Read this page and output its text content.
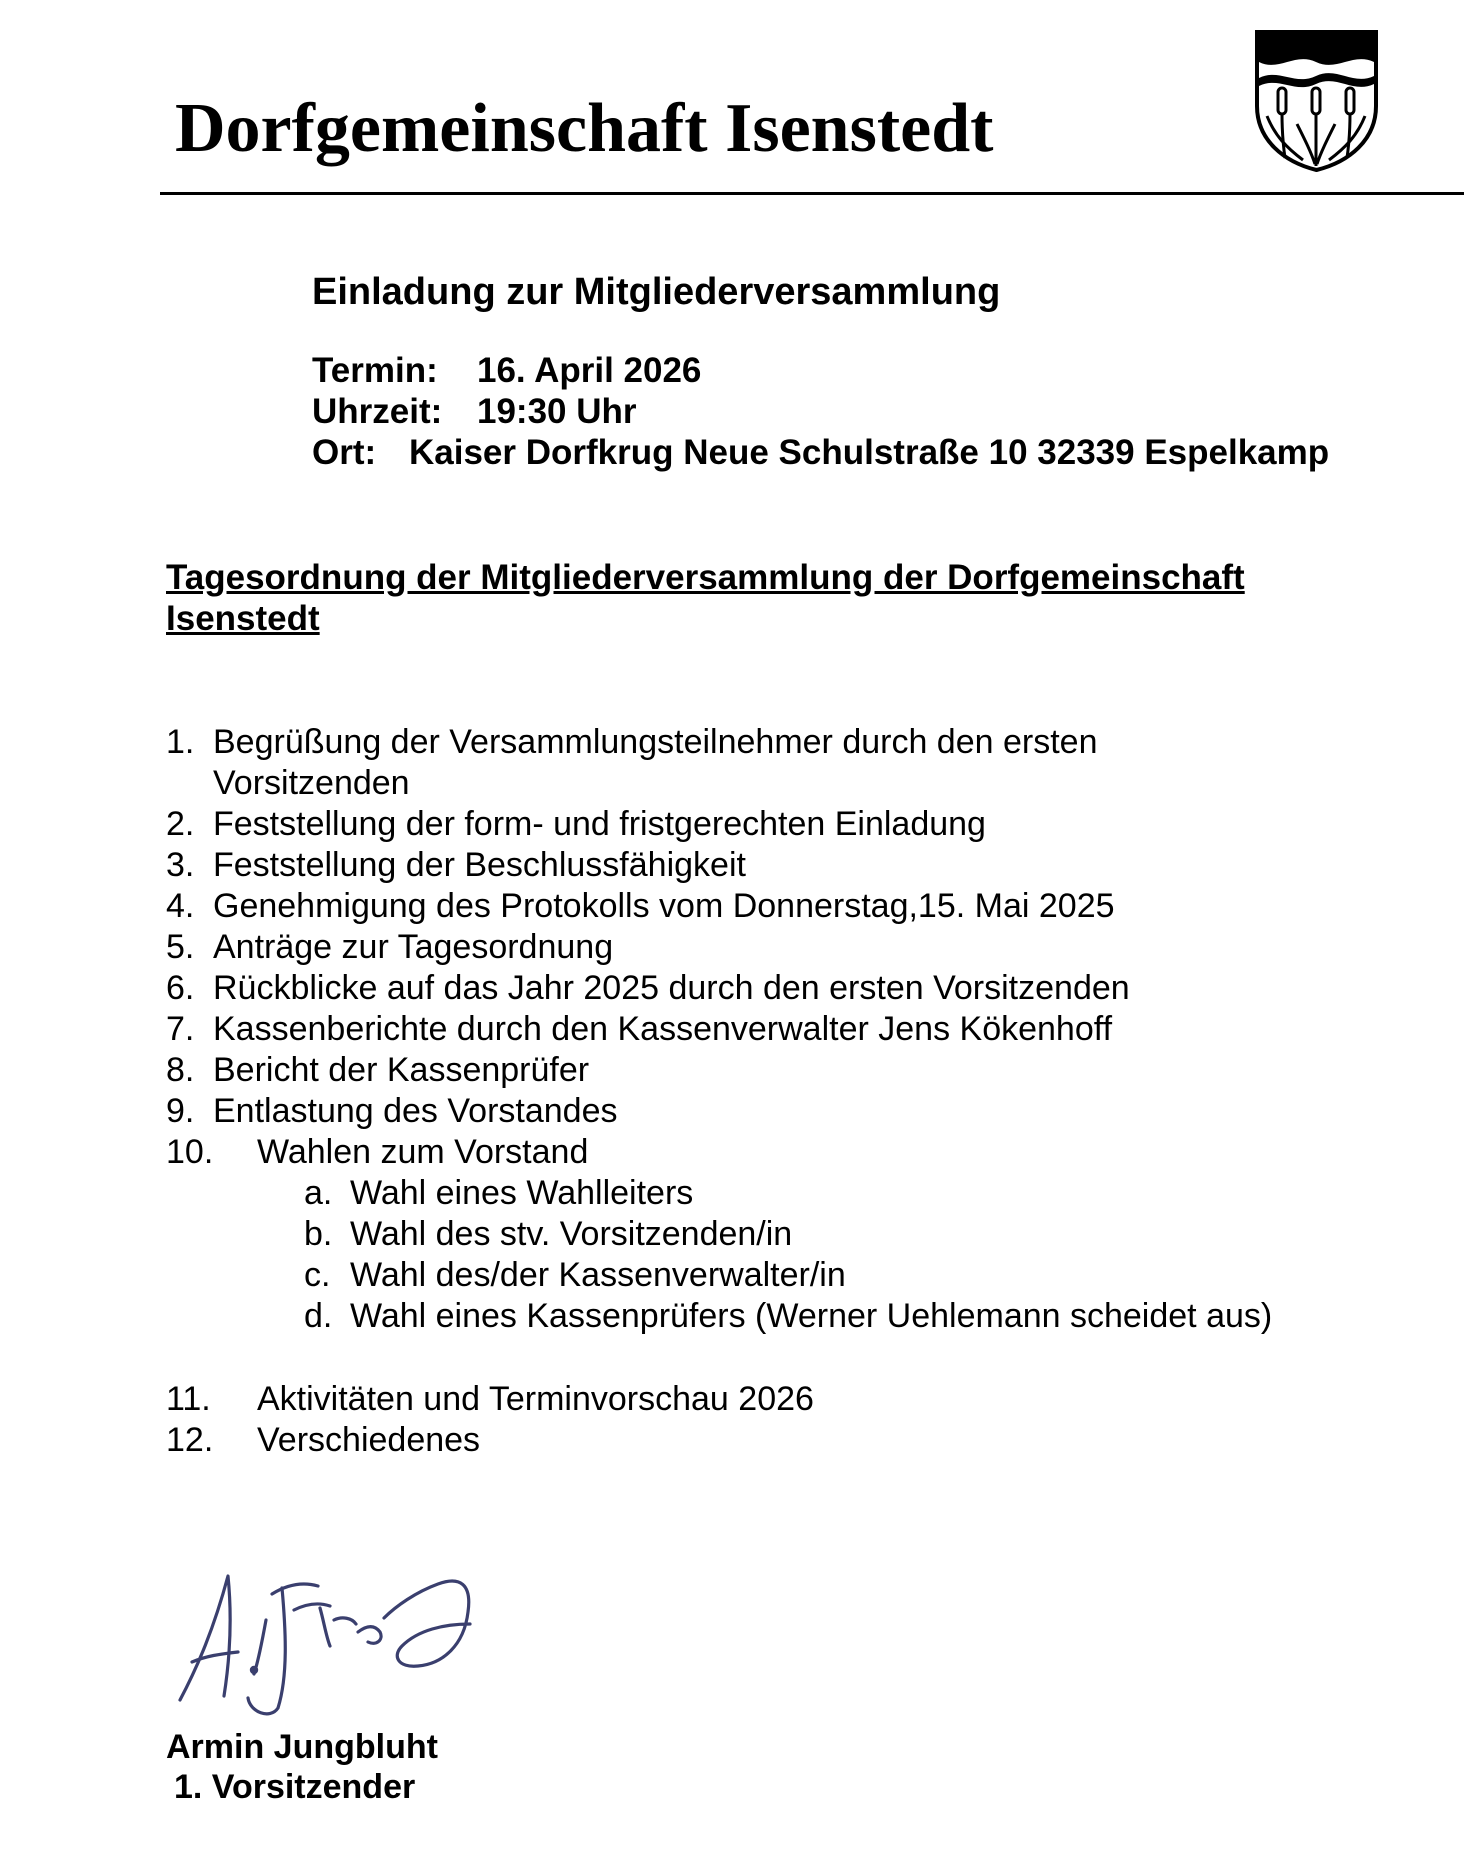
Dorfgemeinschaft Isenstedt
Einladung zur Mitgliederversammlung
Termin: 16. April 2026
Uhrzeit: 19:30 Uhr
Ort: Kaiser Dorfkrug Neue Schulstraße 10 32339 Espelkamp
Tagesordnung der Mitgliederversammlung der Dorfgemeinschaft Isenstedt
1. Begrüßung der Versammlungsteilnehmer durch den ersten
Vorsitzenden
2. Feststellung der form- und fristgerechten Einladung
3. Feststellung der Beschlussfähigkeit
4. Genehmigung des Protokolls vom Donnerstag,15. Mai 2025
5. Anträge zur Tagesordnung
6. Rückblicke auf das Jahr 2025 durch den ersten Vorsitzenden
7. Kassenberichte durch den Kassenverwalter Jens Kökenhoff
8. Bericht der Kassenprüfer
9. Entlastung des Vorstandes
10. Wahlen zum Vorstand
a. Wahl eines Wahlleiters
b. Wahl des stv. Vorsitzenden/in
c. Wahl des/der Kassenverwalter/in
d. Wahl eines Kassenprüfers (Werner Uehlemann scheidet aus)
11. Aktivitäten und Terminvorschau 2026
12. Verschiedenes
Armin Jungbluht
1. Vorsitzender
